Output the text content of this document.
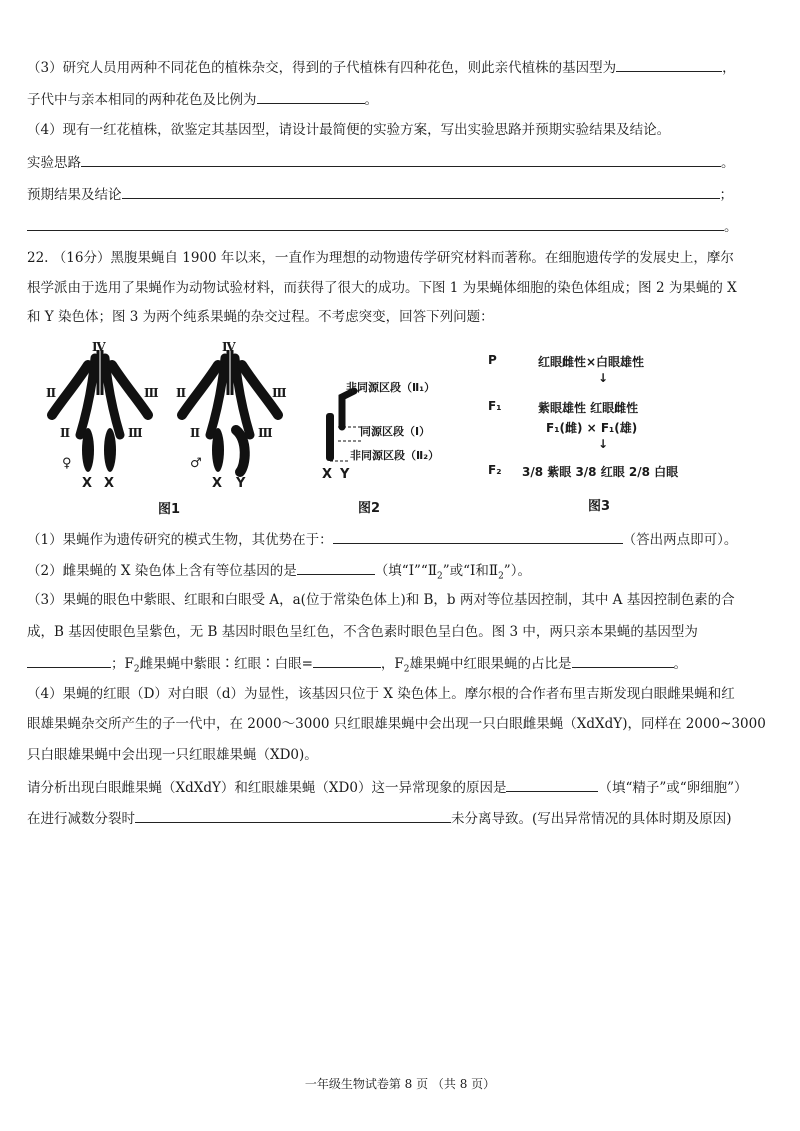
（3）研究人员用两种不同花色的植株杂交，得到的子代植株有四种花色，则此亲代植株的基因型为	，
子代中与亲本相同的两种花色及比例为	。
（4）现有一红花植株，欲鉴定其基因型，请设计最简便的实验方案，写出实验思路并预期实验结果及结论。
实验思路	。
预期结果及结论	；
。
22. （16分）黑腹果蝇自 1900 年以来，一直作为理想的动物遗传学研究材料而著称。在细胞遗传学的发展史上，摩尔
根学派由于选用了果蝇作为动物试验材料，而获得了很大的成功。下图 1 为果蝇体细胞的染色体组成；图 2 为果蝇的 X
和 Y 染色体；图 3 为两个纯系果蝇的杂交过程。不考虑突变，回答下列问题：
Ⅳ
Ⅱ	Ⅲ
Ⅱ	Ⅲ
Ⅳ
Ⅱ	Ⅲ
Ⅱ	Ⅲ
♀
X X
♂
X Y
图1
非同源区段（Ⅱ₁）
同源区段（Ⅰ）
非同源区段（Ⅱ₂）
X Y
图2
P	红眼雌性×白眼雄性
↓
F₁	紫眼雄性 红眼雌性
F₁(雌) × F₁(雄)
↓
F₂ 3/8 紫眼 3/8 红眼 2/8 白眼
图3
（1）果蝇作为遗传研究的模式生物，其优势在于：	（答出两点即可）。
（2）雌果蝇的 X 染色体上含有等位基因的是	（填“$Ⅰ”“Ⅱ_2$”或“Ⅰ和$Ⅱ_2$”）。
（3）果蝇的眼色中紫眼、红眼和白眼受 A，a(位于常染色体上)和 B，b 两对等位基因控制，其中 A 基因控制色素的合
成，B 基因使眼色呈紫色，无 B 基因时眼色呈红色，不含色素时眼色呈白色。图 3 中，两只亲本果蝇的基因型为
；$F_2$雌果蝇中紫眼∶红眼∶白眼=	，$F_2$雄果蝇中红眼果蝇的占比是	。
（4）果蝇的红眼（D）对白眼（d）为显性，该基因只位于 X 染色体上。摩尔根的合作者布里吉斯发现白眼雌果蝇和红
眼雄果蝇杂交所产生的子一代中，在 2000～3000 只红眼雄果蝇中会出现一只白眼雌果蝇（XdXdY)，同样在 2000~3000
只白眼雄果蝇中会出现一只红眼雄果蝇（XD0)。
请分析出现白眼雌果蝇（XdXdY）和红眼雄果蝇（XD0）这一异常现象的原因是	（填“精子”或“卵细胞”）
在进行减数分裂时	未分离导致。(写出异常情况的具体时期及原因)
一年级生物试卷第 8 页 （共 8 页）
